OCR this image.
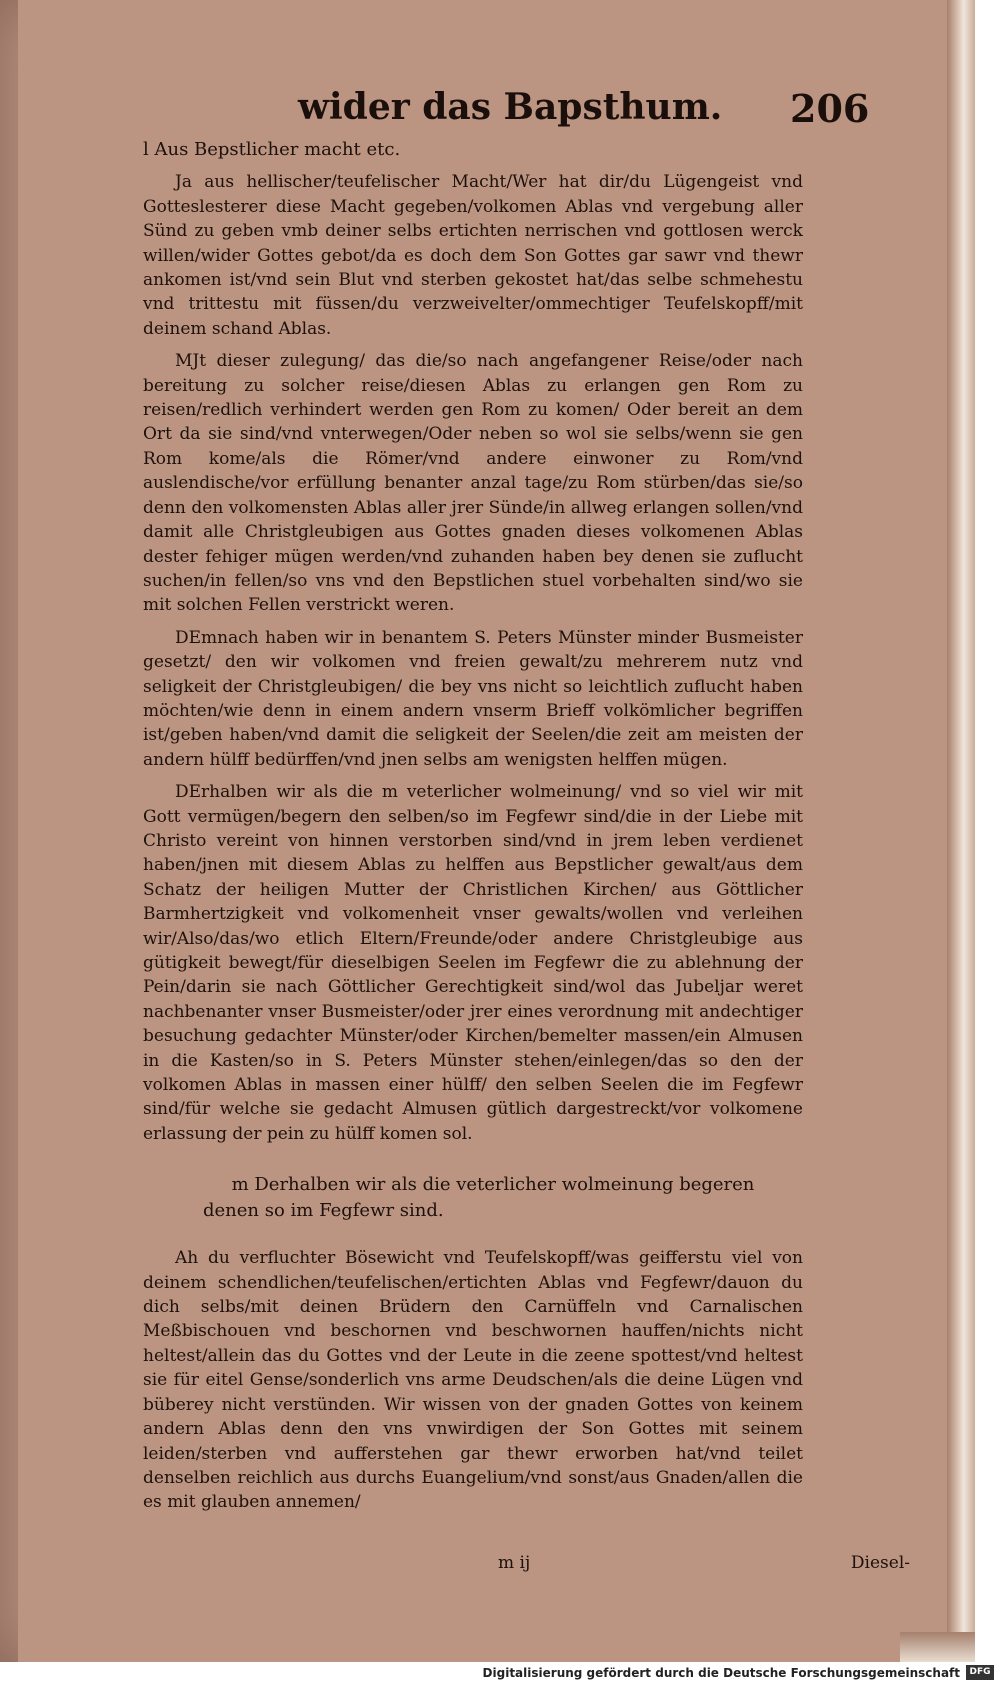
wider das Bapsthum.	206

l Aus Bepstlicher macht etc.

Ja aus hellischer/teufelischer Macht/Wer hat dir/du Lügengeist vnd Gotteslesterer diese Macht gegeben/volkomen Ablas vnd vergebung aller Sünd zu geben vmb deiner selbs ertichten nerrischen vnd gottlosen werck willen/wider Gottes gebot/da es doch dem Son Gottes gar sawr vnd thewr ankomen ist/vnd sein Blut vnd sterben gekostet hat/das selbe schmehestu vnd trittestu mit füssen/du verzweivelter/ommechtiger Teufelskopff/mit deinem schand Ablas.

MJt dieser zulegung/ das die/so nach angefangener Reise/oder nach bereitung zu solcher reise/diesen Ablas zu erlangen gen Rom zu reisen/redlich verhindert werden gen Rom zu komen/ Oder bereit an dem Ort da sie sind/vnd vnterwegen/Oder neben so wol sie selbs/wenn sie gen Rom kome/als die Römer/vnd andere einwoner zu Rom/vnd auslendische/vor erfüllung benanter anzal tage/zu Rom stürben/das sie/so denn den volkomensten Ablas aller jrer Sünde/in allweg erlangen sollen/vnd damit alle Christgleubigen aus Gottes gnaden dieses volkomenen Ablas dester fehiger mügen werden/vnd zuhanden haben bey denen sie zuflucht suchen/in fellen/so vns vnd den Bepstlichen stuel vorbehalten sind/wo sie mit solchen Fellen verstrickt weren.

DEmnach haben wir in benantem S. Peters Münster minder Busmeister gesetzt/ den wir volkomen vnd freien gewalt/zu mehrerem nutz vnd seligkeit der Christgleubigen/ die bey vns nicht so leichtlich zuflucht haben möchten/wie denn in einem andern vnserm Brieff volkömlicher begriffen ist/geben haben/vnd damit die seligkeit der Seelen/die zeit am meisten der andern hülff bedürffen/vnd jnen selbs am wenigsten helffen mügen.

DErhalben wir als die m veterlicher wolmeinung/ vnd so viel wir mit Gott vermügen/begern den selben/so im Fegfewr sind/die in der Liebe mit Christo vereint von hinnen verstorben sind/vnd in jrem leben verdienet haben/jnen mit diesem Ablas zu helffen aus Bepstlicher gewalt/aus dem Schatz der heiligen Mutter der Christlichen Kirchen/ aus Göttlicher Barmhertzigkeit vnd volkomenheit vnser gewalts/wollen vnd verleihen wir/Also/das/wo etlich Eltern/Freunde/oder andere Christgleubige aus gütigkeit bewegt/für dieselbigen Seelen im Fegfewr die zu ablehnung der Pein/darin sie nach Göttlicher Gerechtigkeit sind/wol das Jubeljar weret nachbenanter vnser Busmeister/oder jrer eines verordnung mit andechtiger besuchung gedachter Münster/oder Kirchen/bemelter massen/ein Almusen in die Kasten/so in S. Peters Münster stehen/einlegen/das so den der volkomen Ablas in massen einer hülff/ den selben Seelen die im Fegfewr sind/für welche sie gedacht Almusen gütlich dargestreckt/vor volkomene erlassung der pein zu hülff komen sol.

m Derhalben wir als die veterlicher wolmeinung begeren denen so im Fegfewr sind.

Ah du verfluchter Bösewicht vnd Teufelskopff/was geifferstu viel von deinem schendlichen/teufelischen/ertichten Ablas vnd Fegfewr/dauon du dich selbs/mit deinen Brüdern den Carnüffeln vnd Carnalischen Meßbischouen vnd beschornen vnd beschwornen hauffen/nichts nicht heltest/allein das du Gottes vnd der Leute in die zeene spottest/vnd heltest sie für eitel Gense/sonderlich vns arme Deudschen/als die deine Lügen vnd büberey nicht verstünden. Wir wissen von der gnaden Gottes von keinem andern Ablas denn den vns vnwirdigen der Son Gottes mit seinem leiden/sterben vnd aufferstehen gar thewr erworben hat/vnd teilet denselben reichlich aus durchs Euangelium/vnd sonst/aus Gnaden/allen die es mit glauben annemen/

m ij	Diesel-
Digitalisierung gefördert durch die Deutsche Forschungsgemeinschaft	DFG
